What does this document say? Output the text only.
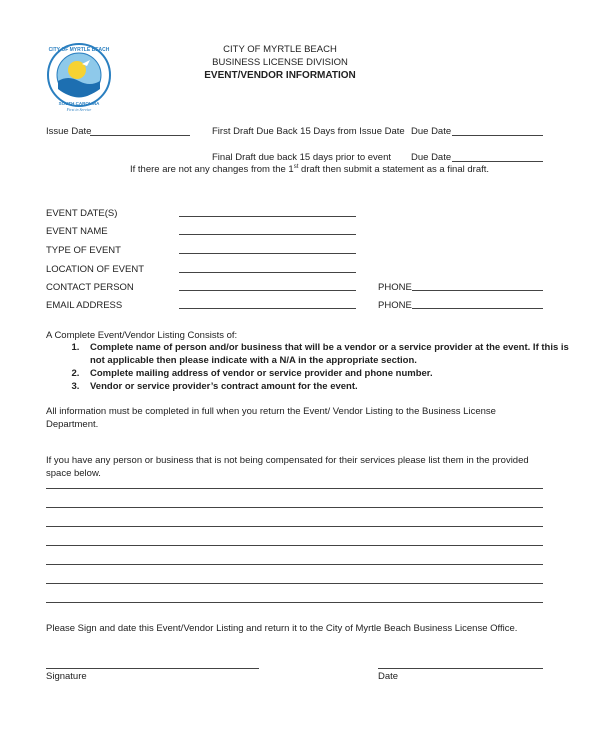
CITY OF MYRTLE BEACH
SOUTH CAROLINA
First in Service
CITY OF MYRTLE BEACH
BUSINESS LICENSE DIVISION
EVENT/VENDOR INFORMATION
Issue Date	First Draft Due Back 15 Days from Issue Date Due Date
Final Draft due back 15 days prior to event Due Date
If there are not any changes from the 1st draft then submit a statement as a final draft.
EVENT DATE(S)
EVENT NAME
TYPE OF EVENT
LOCATION OF EVENT
CONTACT PERSON	PHONE
EMAIL ADDRESS	PHONE
A Complete Event/Vendor Listing Consists of:
1. Complete name of person and/or business that will be a vendor or a service provider at the event. If this is not applicable then please indicate with a N/A in the appropriate section.
2. Complete mailing address of vendor or service provider and phone number.
3. Vendor or service provider’s contract amount for the event.
All information must be completed in full when you return the Event/ Vendor Listing to the Business License Department.
If you have any person or business that is not being compensated for their services please list them in the provided space below.
Please Sign and date this Event/Vendor Listing and return it to the City of Myrtle Beach Business License Office.
Signature	Date
